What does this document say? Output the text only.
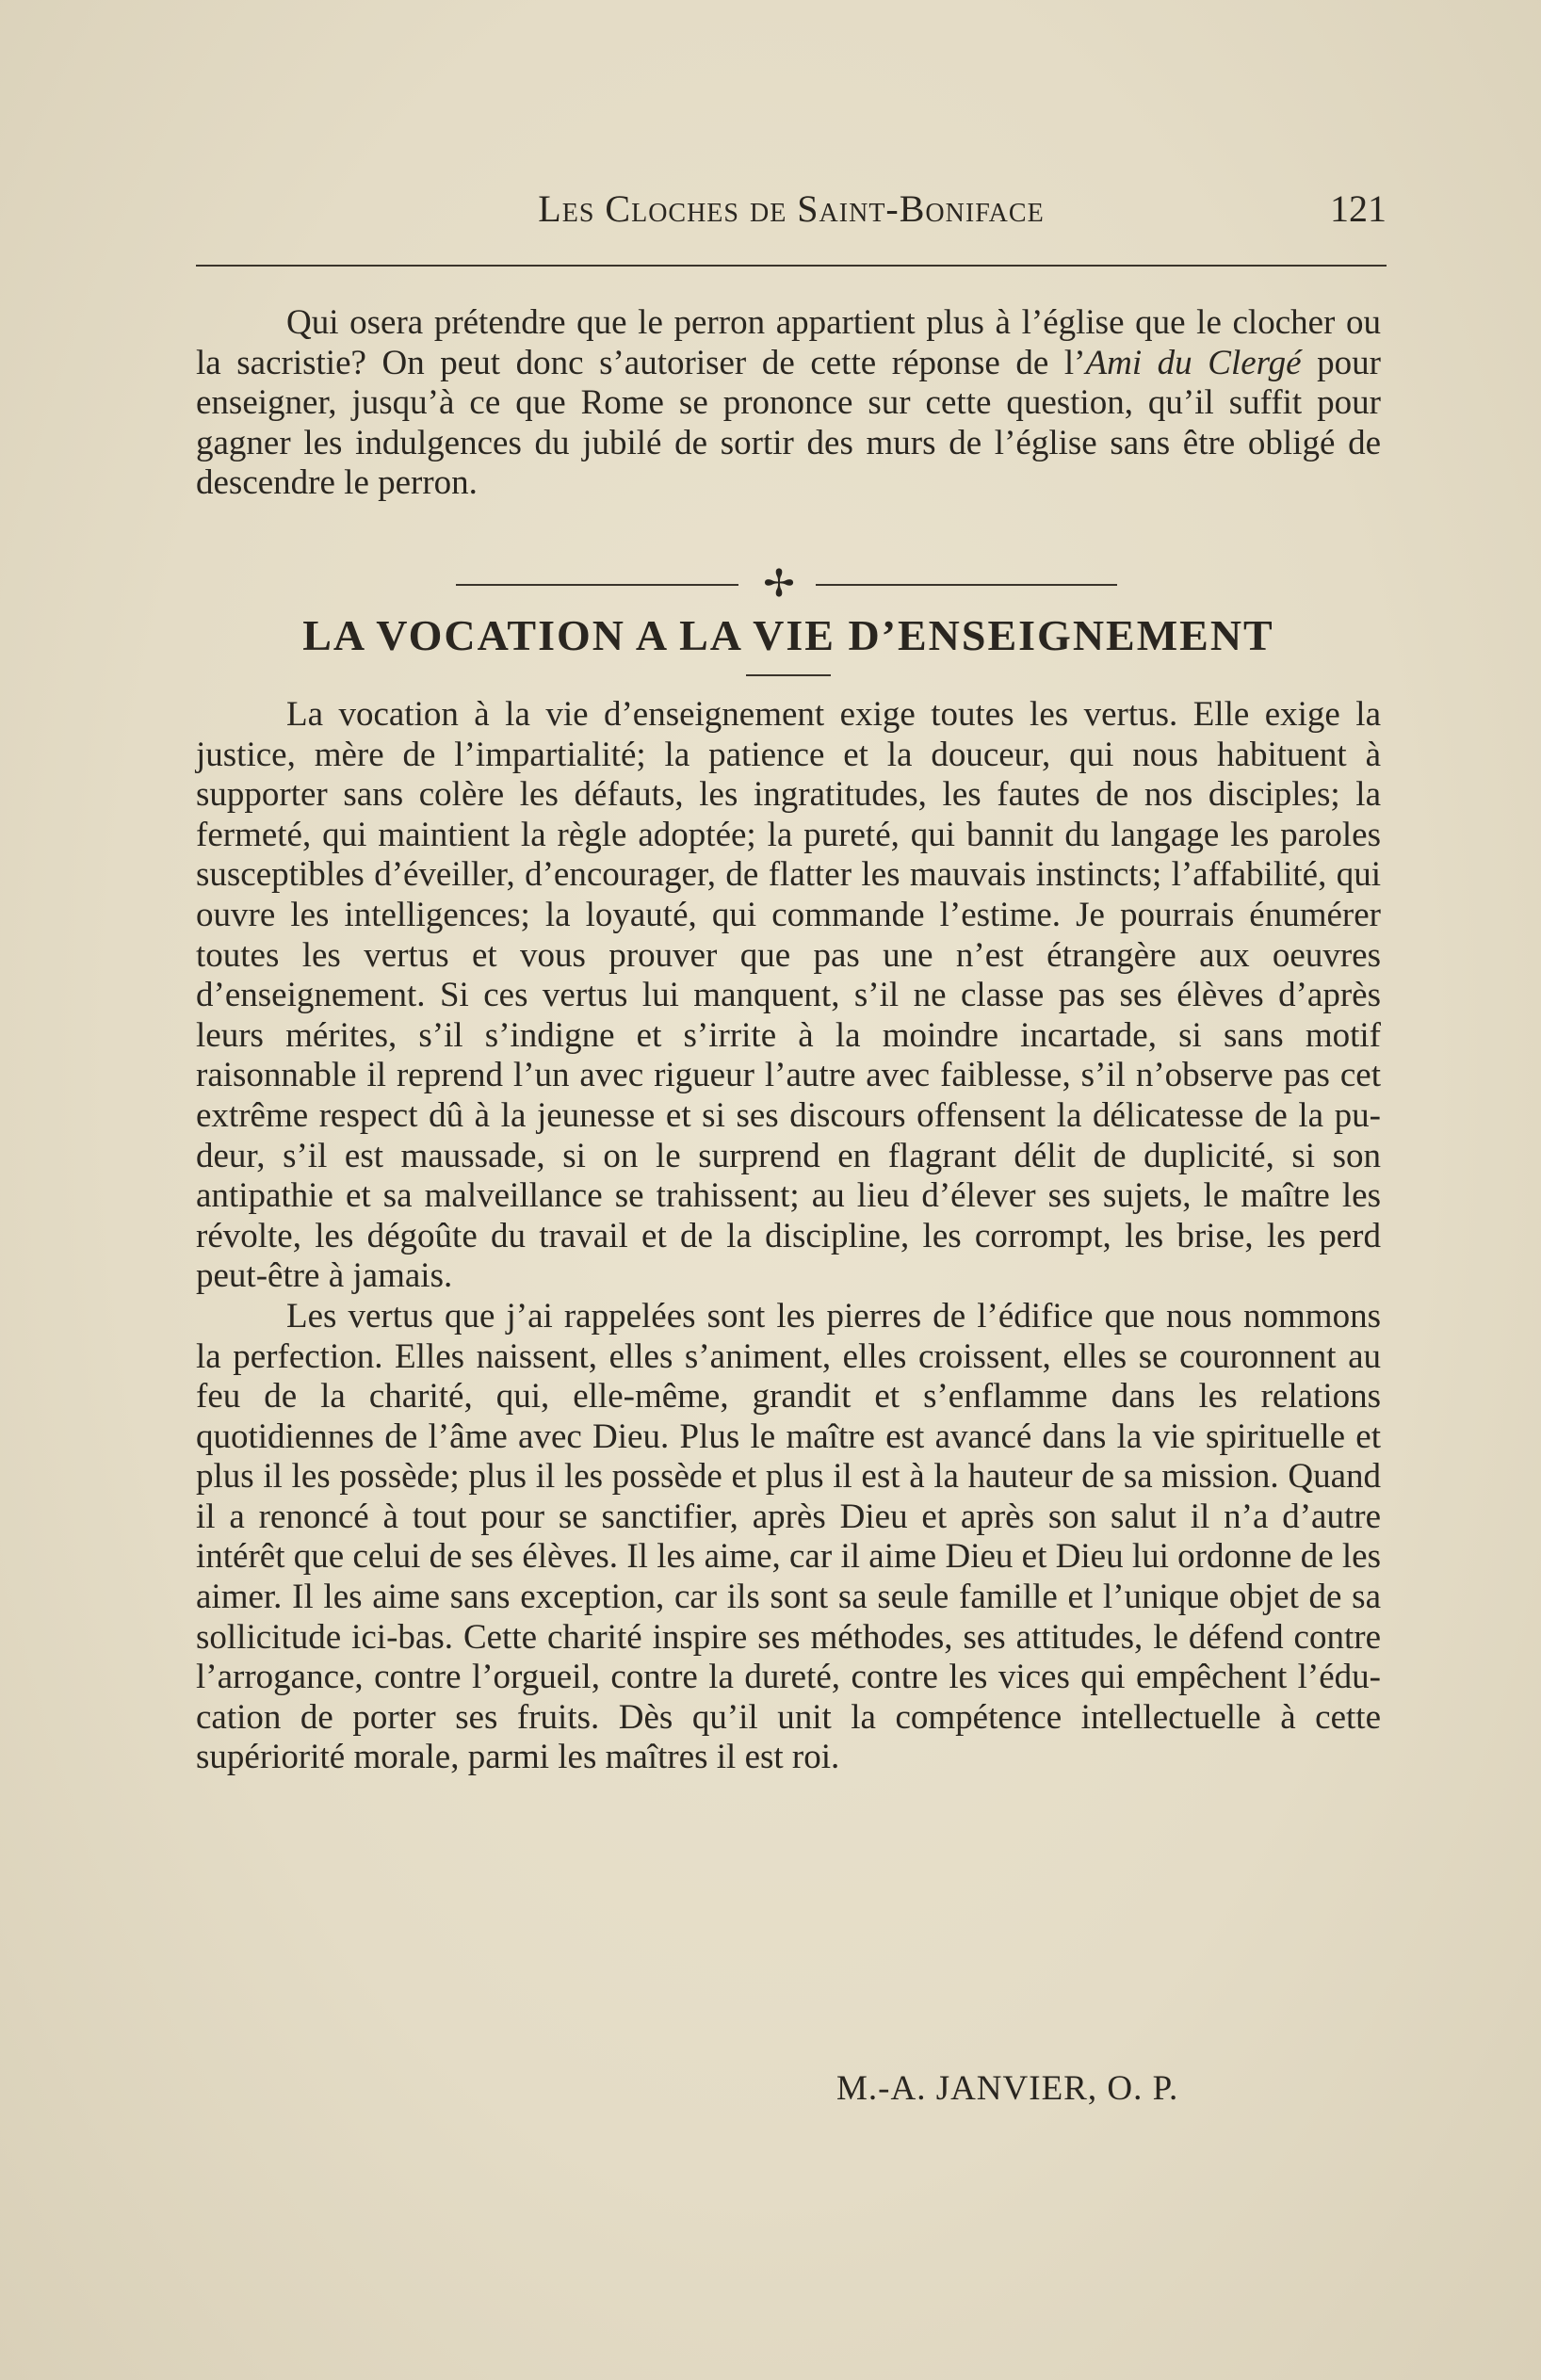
Les Cloches de Saint-Boniface	121

Qui osera prétendre que le perron appartient plus à l’église que le clocher ou la sacristie? On peut donc s’autoriser de cette réponse de l’Ami du Clergé pour enseigner, jusqu’à ce que Rome se prononce sur cette question, qu’il suffit pour gagner les indulgences du jubilé de sortir des murs de l’église sans être obligé de descendre le perron.

✢
LA VOCATION A LA VIE D’ENSEIGNEMENT

La vocation à la vie d’enseignement exige toutes les vertus. Elle exige la justice, mère de l’impartialité; la patience et la douceur, qui nous habituent à supporter sans colère les défauts, les ingratitudes, les fautes de nos disciples; la fermeté, qui maintient la règle adoptée; la pureté, qui bannit du langage les paroles susceptibles d’éveiller, d’encourager, de flatter les mauvais instincts; l’affabilité, qui ouvre les intelligences; la loyauté, qui commande l’estime. Je pourrais énumérer toutes les vertus et vous prouver que pas une n’est étrangère aux oeuvres d’enseignement. Si ces vertus lui manquent, s’il ne classe pas ses élèves d’après leurs mérites, s’il s’indigne et s’irrite à la moindre incartade, si sans motif raisonnable il reprend l’un avec rigueur l’autre avec faiblesse, s’il n’observe pas cet extrême respect dû à la jeunesse et si ses discours offensent la délicatesse de la pudeur, s’il est maussade, si on le surprend en flagrant délit de duplicité, si son antipathie et sa malveillance se trahissent; au lieu d’élever ses sujets, le maître les révolte, les dégoûte du travail et de la discipline, les corrompt, les brise, les perd peut-être à jamais.

Les vertus que j’ai rappelées sont les pierres de l’édifice que nous nommons la perfection. Elles naissent, elles s’animent, elles croissent, elles se couronnent au feu de la charité, qui, elle-même, grandit et s’enflamme dans les relations quotidiennes de l’âme avec Dieu. Plus le maître est avancé dans la vie spirituelle et plus il les possède; plus il les possède et plus il est à la hauteur de sa mission. Quand il a renoncé à tout pour se sanctifier, après Dieu et après son salut il n’a d’autre intérêt que celui de ses élèves. Il les aime, car il aime Dieu et Dieu lui ordonne de les aimer. Il les aime sans exception, car ils sont sa seule famille et l’unique objet de sa sollicitude ici-bas. Cette charité inspire ses méthodes, ses attitudes, le défend contre l’arrogance, contre l’orgueil, contre la dureté, contre les vices qui empêchent l’éducation de porter ses fruits. Dès qu’il unit la compétence intellectuelle à cette supériorité morale, parmi les maîtres il est roi.

M.-A. JANVIER, O. P.
